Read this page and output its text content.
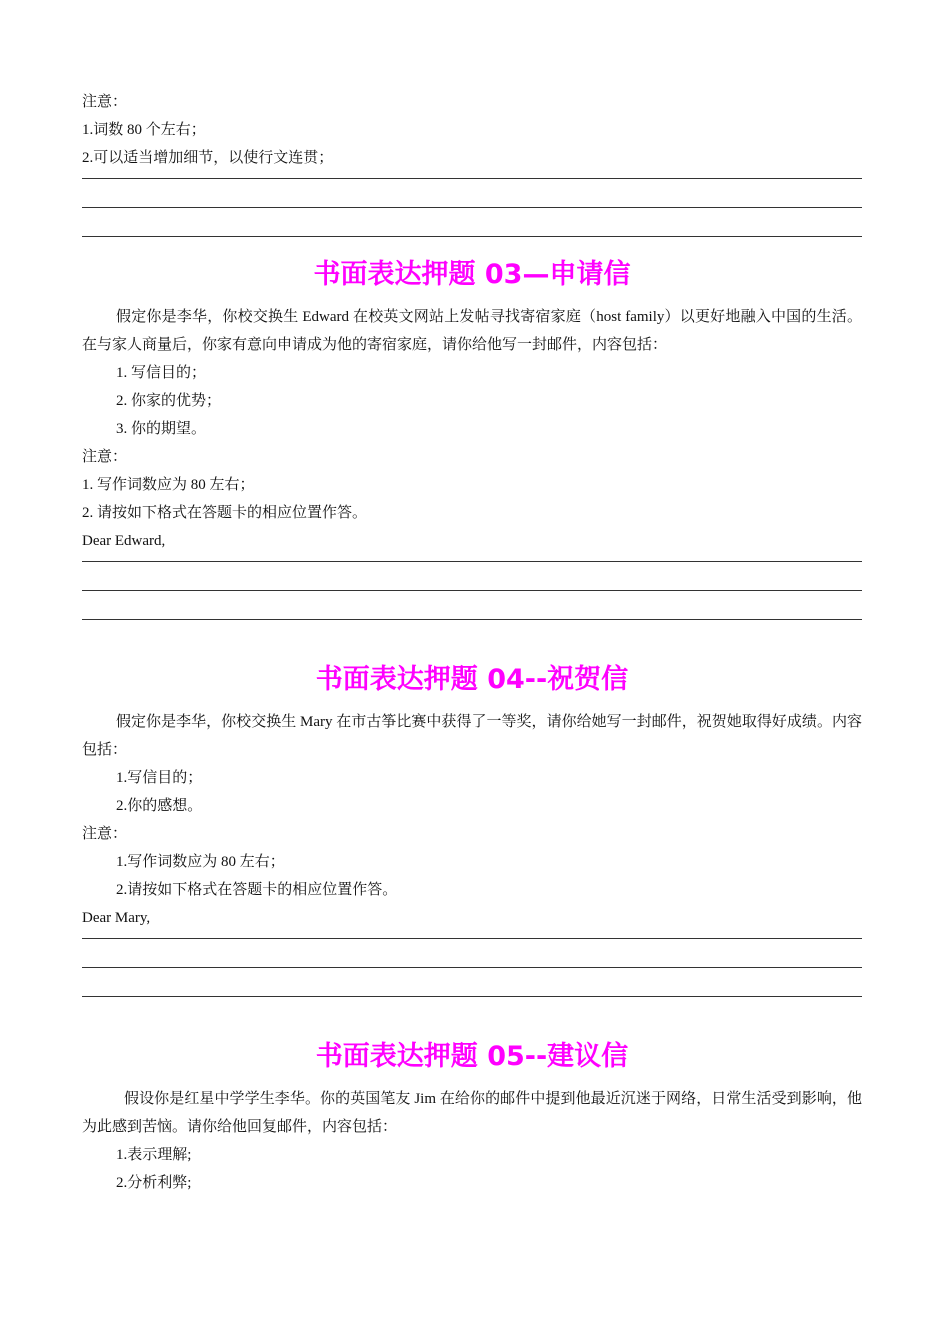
注意：
1.词数 80 个左右；
2.可以适当增加细节，以使行文连贯；
书面表达押题 03—申请信
假定你是李华，你校交换生 Edward 在校英文网站上发帖寻找寄宿家庭（host family）以更好地融入中国的生活。在与家人商量后，你家有意向申请成为他的寄宿家庭，请你给他写一封邮件，内容包括：
1. 写信目的；
2. 你家的优势；
3. 你的期望。
注意：
1. 写作词数应为 80 左右；
2. 请按如下格式在答题卡的相应位置作答。
Dear Edward,
书面表达押题 04--祝贺信
假定你是李华，你校交换生 Mary 在市古筝比赛中获得了一等奖，请你给她写一封邮件，祝贺她取得好成绩。内容包括：
1.写信目的；
2.你的感想。
注意：
1.写作词数应为 80 左右；
2.请按如下格式在答题卡的相应位置作答。
Dear Mary,
书面表达押题 05--建议信
假设你是红星中学学生李华。你的英国笔友 Jim 在给你的邮件中提到他最近沉迷于网络，日常生活受到影响，他为此感到苦恼。请你给他回复邮件，内容包括：
1.表示理解;
2.分析利弊;
